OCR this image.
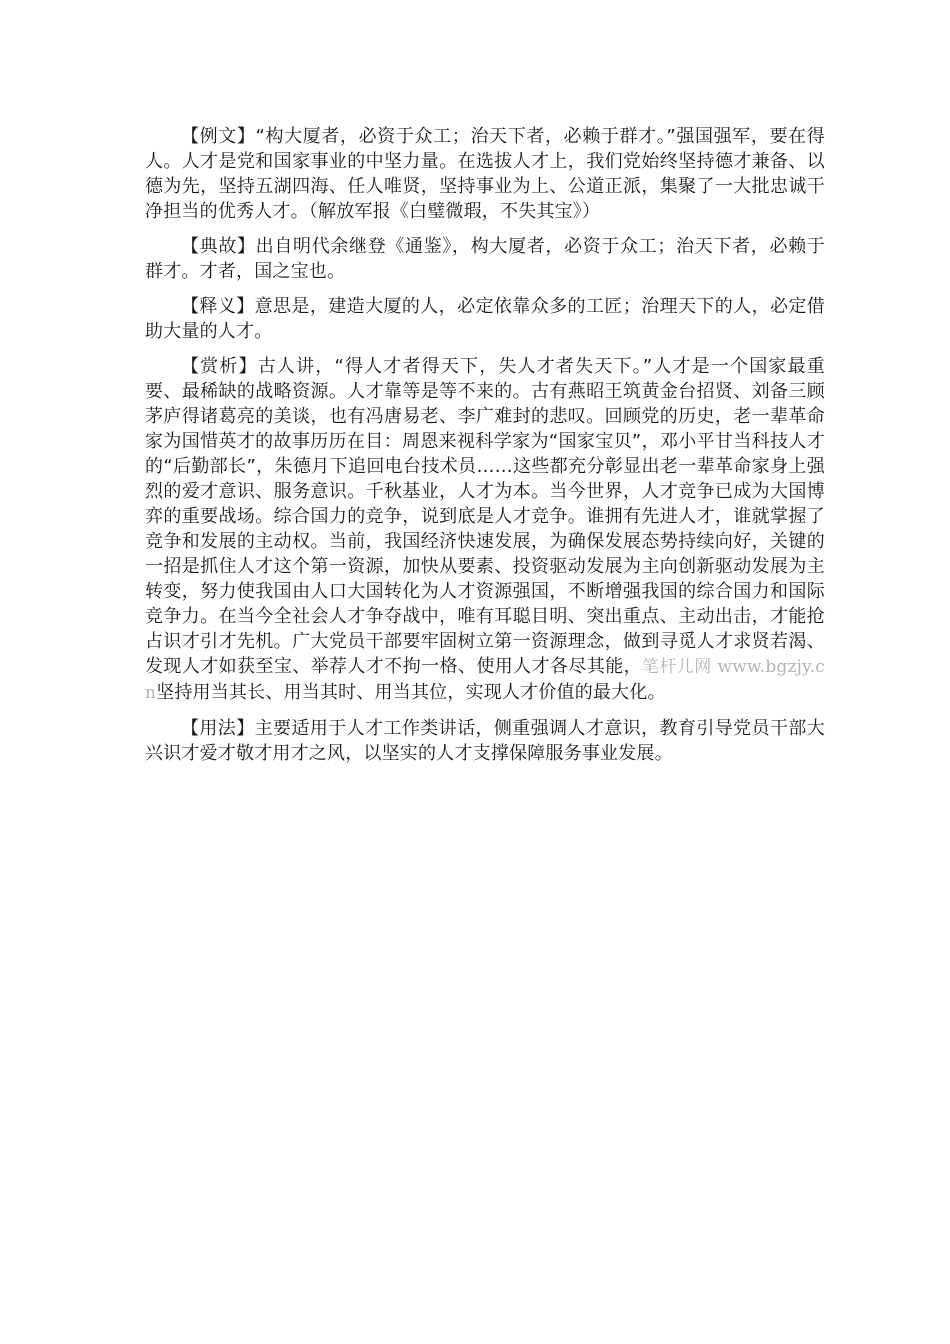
【例文】“构大厦者，必资于众工；治天下者，必赖于群才。”强国强军，要在得人。人才是党和国家事业的中坚力量。在选拔人才上，我们党始终坚持德才兼备、以德为先，坚持五湖四海、任人唯贤，坚持事业为上、公道正派，集聚了一大批忠诚干净担当的优秀人才。（解放军报《白璧微瑕，不失其宝》）

【典故】出自明代余继登《通鉴》，构大厦者，必资于众工；治天下者，必赖于群才。才者，国之宝也。

【释义】意思是，建造大厦的人，必定依靠众多的工匠；治理天下的人，必定借助大量的人才。

【赏析】古人讲，“得人才者得天下，失人才者失天下。”人才是一个国家最重要、最稀缺的战略资源。人才靠等是等不来的。古有燕昭王筑黄金台招贤、刘备三顾茅庐得诸葛亮的美谈，也有冯唐易老、李广难封的悲叹。回顾党的历史，老一辈革命家为国惜英才的故事历历在目：周恩来视科学家为“国家宝贝”，邓小平甘当科技人才的“后勤部长”，朱德月下追回电台技术员……这些都充分彰显出老一辈革命家身上强烈的爱才意识、服务意识。千秋基业，人才为本。当今世界，人才竞争已成为大国博弈的重要战场。综合国力的竞争，说到底是人才竞争。谁拥有先进人才，谁就掌握了竞争和发展的主动权。当前，我国经济快速发展，为确保发展态势持续向好，关键的一招是抓住人才这个第一资源，加快从要素、投资驱动发展为主向创新驱动发展为主转变，努力使我国由人口大国转化为人才资源强国，不断增强我国的综合国力和国际竞争力。在当今全社会人才争夺战中，唯有耳聪目明、突出重点、主动出击，才能抢占识才引才先机。广大党员干部要牢固树立第一资源理念，做到寻觅人才求贤若渴、发现人才如获至宝、举荐人才不拘一格、使用人才各尽其能，笔杆儿网 www.bgzjy.cn坚持用当其长、用当其时、用当其位，实现人才价值的最大化。

【用法】主要适用于人才工作类讲话，侧重强调人才意识，教育引导党员干部大兴识才爱才敬才用才之风，以坚实的人才支撑保障服务事业发展。
